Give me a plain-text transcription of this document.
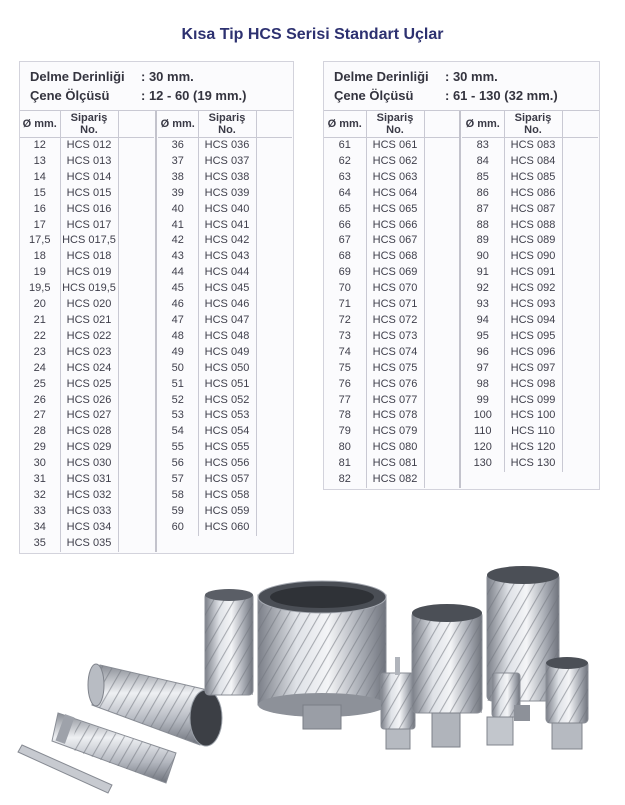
Kısa Tip HCS Serisi Standart Uçlar
Delme Derinliği : 30 mm.
Çene Ölçüsü : 12 - 60 (19 mm.)
Ø mm.	Sipariş
No.	
12	HCS 012	
13	HCS 013	
14	HCS 014	
15	HCS 015	
16	HCS 016	
17	HCS 017	
17,5	HCS 017,5	
18	HCS 018	
19	HCS 019	
19,5	HCS 019,5	
20	HCS 020	
21	HCS 021	
22	HCS 022	
23	HCS 023	
24	HCS 024	
25	HCS 025	
26	HCS 026	
27	HCS 027	
28	HCS 028	
29	HCS 029	
30	HCS 030	
31	HCS 031	
32	HCS 032	
33	HCS 033	
34	HCS 034	
35	HCS 035	
Ø mm.	Sipariş
No.	
36	HCS 036	
37	HCS 037	
38	HCS 038	
39	HCS 039	
40	HCS 040	
41	HCS 041	
42	HCS 042	
43	HCS 043	
44	HCS 044	
45	HCS 045	
46	HCS 046	
47	HCS 047	
48	HCS 048	
49	HCS 049	
50	HCS 050	
51	HCS 051	
52	HCS 052	
53	HCS 053	
54	HCS 054	
55	HCS 055	
56	HCS 056	
57	HCS 057	
58	HCS 058	
59	HCS 059	
60	HCS 060	
Delme Derinliği : 30 mm.
Çene Ölçüsü : 61 - 130 (32 mm.)
Ø mm.	Sipariş
No.	
61	HCS 061	
62	HCS 062	
63	HCS 063	
64	HCS 064	
65	HCS 065	
66	HCS 066	
67	HCS 067	
68	HCS 068	
69	HCS 069	
70	HCS 070	
71	HCS 071	
72	HCS 072	
73	HCS 073	
74	HCS 074	
75	HCS 075	
76	HCS 076	
77	HCS 077	
78	HCS 078	
79	HCS 079	
80	HCS 080	
81	HCS 081	
82	HCS 082	
Ø mm.	Sipariş
No.	
83	HCS 083	
84	HCS 084	
85	HCS 085	
86	HCS 086	
87	HCS 087	
88	HCS 088	
89	HCS 089	
90	HCS 090	
91	HCS 091	
92	HCS 092	
93	HCS 093	
94	HCS 094	
95	HCS 095	
96	HCS 096	
97	HCS 097	
98	HCS 098	
99	HCS 099	
100	HCS 100	
110	HCS 110	
120	HCS 120	
130	HCS 130	
